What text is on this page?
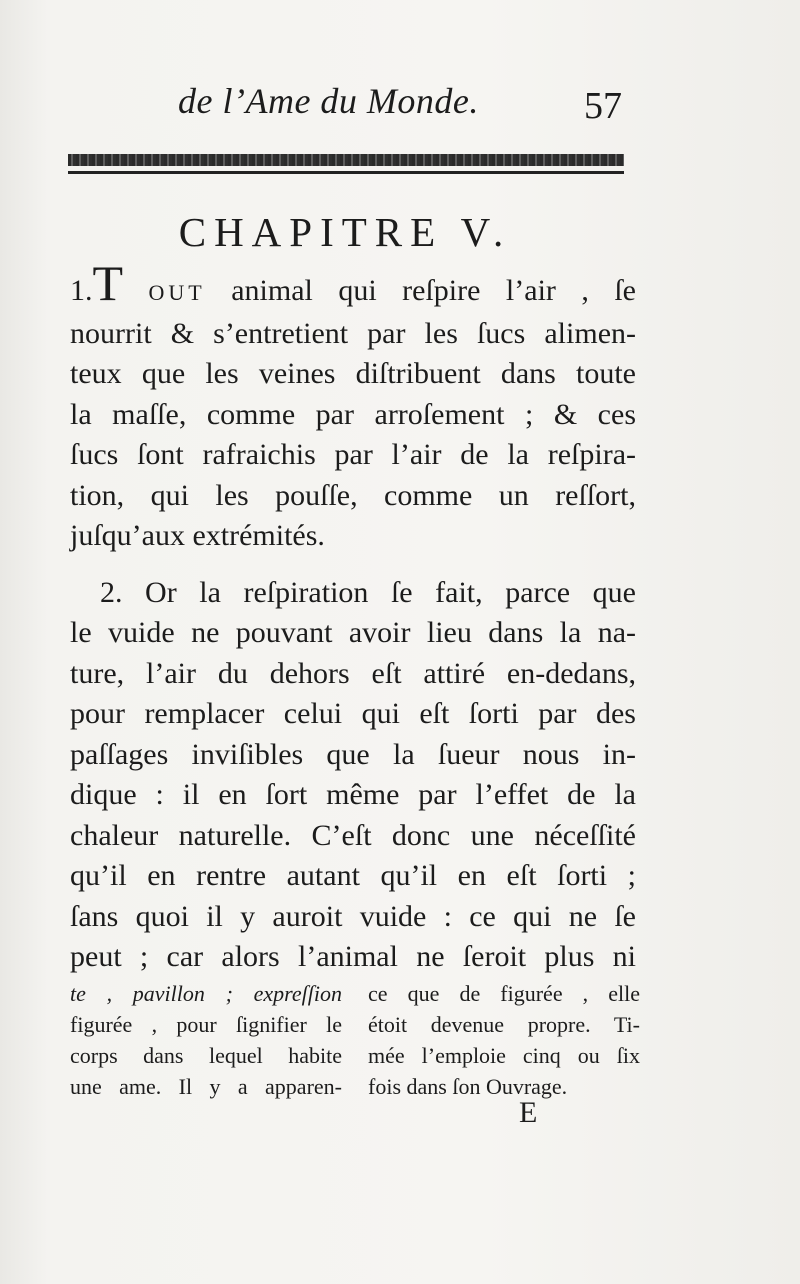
de l’Ame du Monde.	57
CHAPITRE V.
1.T OUT animal qui reſpire l’air , ſe
nourrit & s’entretient par les ſucs alimen-
teux que les veines diſtribuent dans toute
la maſſe, comme par arroſement ; & ces
ſucs ſont rafraichis par l’air de la reſpira-
tion, qui les pouſſe, comme un reſſort,
juſqu’aux extrémités.
2. Or la reſpiration ſe fait, parce que
le vuide ne pouvant avoir lieu dans la na-
ture, l’air du dehors eſt attiré en-dedans,
pour remplacer celui qui eſt ſorti par des
paſſages inviſibles que la ſueur nous in-
dique : il en ſort même par l’effet de la
chaleur naturelle. C’eſt donc une néceſſité
qu’il en rentre autant qu’il en eſt ſorti ;
ſans quoi il y auroit vuide : ce qui ne ſe
peut ; car alors l’animal ne ſeroit plus ni
te , pavillon ; expreſſion
figurée , pour ſignifier le
corps dans lequel habite
une ame. Il y a apparen-
ce que de figurée , elle
étoit devenue propre. Ti-
mée l’emploie cinq ou ſix
fois dans ſon Ouvrage.
E
